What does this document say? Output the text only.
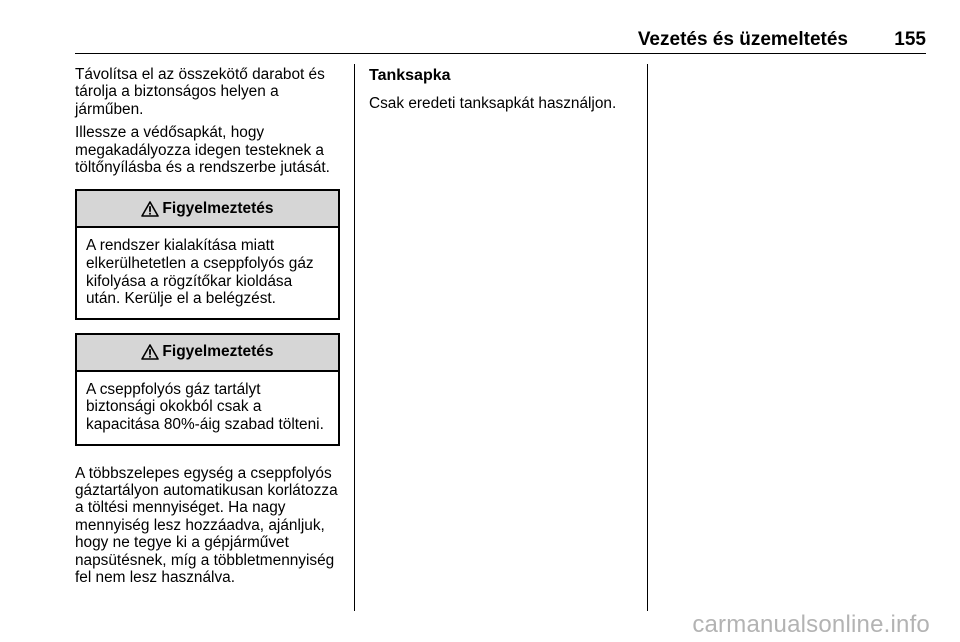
Vezetés és üzemeltetés 155

Távolítsa el az összekötő darabot és tárolja a biztonságos helyen a járműben.

Illessze a védősapkát, hogy megakadályozza idegen testeknek a töltőnyílásba és a rendszerbe jutását.

Figyelmeztetés
A rendszer kialakítása miatt elkerülhetetlen a cseppfolyós gáz kifolyása a rögzítőkar kioldása után. Kerülje el a belégzést.
Figyelmeztetés
A cseppfolyós gáz tartályt biztonsági okokból csak a kapacitása 80%-áig szabad tölteni.

A többszelepes egység a cseppfolyós gáztartályon automatikusan korlátozza a töltési mennyiséget. Ha nagy mennyiség lesz hozzáadva, ajánljuk, hogy ne tegye ki a gépjárművet napsütésnek, míg a többletmennyiség fel nem lesz használva.

Tanksapka

Csak eredeti tanksapkát használjon.

carmanualsonline.info
